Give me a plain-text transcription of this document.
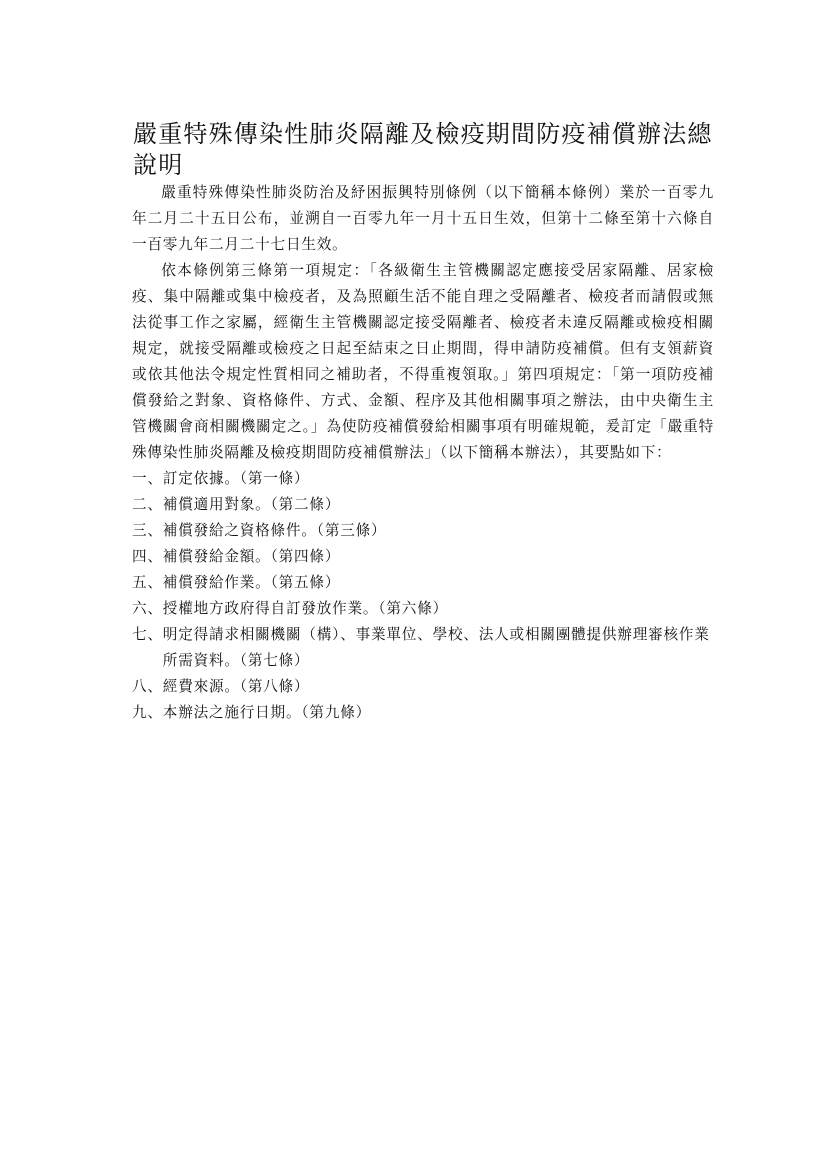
嚴重特殊傳染性肺炎隔離及檢疫期間防疫補償辦法總說明

嚴重特殊傳染性肺炎防治及紓困振興特別條例（以下簡稱本條例）業於一百零九年二月二十五日公布，並溯自一百零九年一月十五日生效，但第十二條至第十六條自一百零九年二月二十七日生效。

依本條例第三條第一項規定：「各級衛生主管機關認定應接受居家隔離、居家檢疫、集中隔離或集中檢疫者，及為照顧生活不能自理之受隔離者、檢疫者而請假或無法從事工作之家屬，經衛生主管機關認定接受隔離者、檢疫者未違反隔離或檢疫相關規定，就接受隔離或檢疫之日起至結束之日止期間，得申請防疫補償。但有支領薪資或依其他法令規定性質相同之補助者，不得重複領取。」第四項規定：「第一項防疫補償發給之對象、資格條件、方式、金額、程序及其他相關事項之辦法，由中央衛生主管機關會商相關機關定之。」為使防疫補償發給相關事項有明確規範，爰訂定「嚴重特殊傳染性肺炎隔離及檢疫期間防疫補償辦法」（以下簡稱本辦法），其要點如下：

一、 訂定依據。（第一條）
二、 補償適用對象。（第二條）
三、 補償發給之資格條件。（第三條）
四、 補償發給金額。（第四條）
五、 補償發給作業。（第五條）
六、 授權地方政府得自訂發放作業。（第六條）
七、 明定得請求相關機關（構）、事業單位、學校、法人或相關團體提供辦理審核作業所需資料。（第七條）
八、 經費來源。（第八條）
九、 本辦法之施行日期。（第九條）
